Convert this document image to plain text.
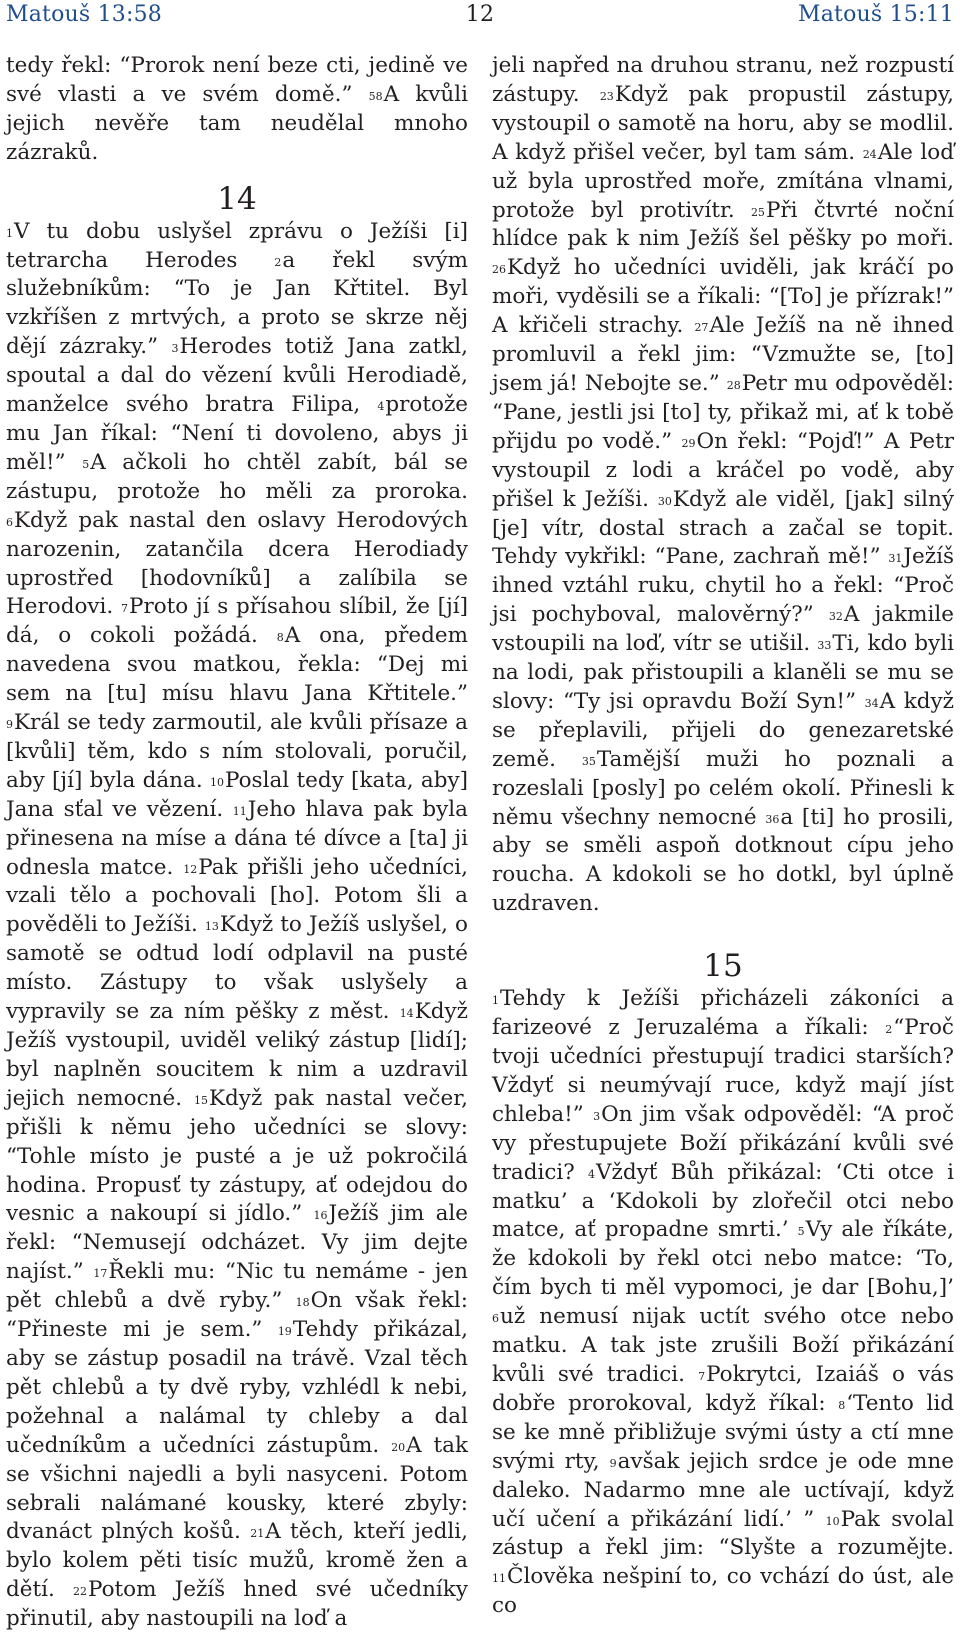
Matouš 13:58	12	Matouš 15:11

tedy řekl: “Prorok není beze cti, jedině ve své vlasti a ve svém domě.” $^{58}$A kvůli jejich nevěře tam neudělal mnoho zázraků.

14

$^1$V tu dobu uslyšel zprávu o Ježíši [i] tetrarcha Herodes	$^2$a řekl svým služebníkům: “To je Jan Křtitel. Byl vzkříšen z mrtvých, a proto se skrze něj dějí zázraky.” $^3$Herodes totiž Jana zatkl, spoutal a dal do vězení kvůli Herodiadě, manželce svého bratra Filipa, $^4$protože mu Jan říkal: “Není ti dovoleno, abys ji měl!” $^5$A ačkoli ho chtěl zabít, bál se zástupu, protože ho měli za proroka. $^6$Když pak nastal den oslavy Herodových narozenin, zatančila dcera Herodiady uprostřed [hodovníků] a zalíbila se Herodovi. $^7$Proto jí s přísahou slíbil, že [jí] dá, o cokoli požádá. $^8$A ona, předem navedena svou matkou, řekla: “Dej mi sem na [tu] mísu hlavu Jana Křtitele.” $^9$Král se tedy zarmoutil, ale kvůli přísaze a [kvůli] těm, kdo s ním stolovali, poručil, aby [jí] byla dána. $^{10}$Poslal tedy [kata, aby] Jana sťal ve vězení. $^{11}$Jeho hlava pak byla přinesena na míse a dána té dívce a [ta] ji odnesla matce. $^{12}$Pak přišli jeho učedníci, vzali tělo a pochovali [ho]. Potom šli a pověděli to Ježíši. $^{13}$Když to Ježíš uslyšel, o samotě se odtud lodí odplavil na pusté místo. Zástupy to však uslyšely a vypravily se za ním pěšky z měst. $^{14}$Když Ježíš vystoupil, uviděl veliký zástup [lidí]; byl naplněn soucitem k nim a uzdravil jejich nemocné. $^{15}$Když pak nastal večer, přišli k němu jeho učedníci se slovy: “Tohle místo je pusté a je už pokročilá hodina. Propusť ty zástupy, ať odejdou do vesnic a nakoupí si jídlo.” $^{16}$Ježíš jim ale řekl: “Nemusejí odcházet. Vy jim dejte najíst.” $^{17}$Řekli mu: “Nic tu nemáme - jen pět chlebů a dvě ryby.” $^{18}$On však řekl: “Přineste mi je sem.” $^{19}$Tehdy přikázal, aby se zástup posadil na trávě. Vzal těch pět chlebů a ty dvě ryby, vzhlédl k nebi, požehnal a nalámal ty chleby a dal učedníkům a učedníci zástupům. $^{20}$A tak se všichni najedli a byli nasyceni. Potom sebrali nalámané kousky, které zbyly: dvanáct plných košů. $^{21}$A těch, kteří jedli, bylo kolem pěti tisíc mužů, kromě žen a dětí. $^{22}$Potom Ježíš hned své učedníky přinutil, aby nastoupili na loď a

jeli napřed na druhou stranu, než rozpustí zástupy. $^{23}$Když pak propustil zástupy, vystoupil o samotě na horu, aby se modlil. A když přišel večer, byl tam sám. $^{24}$Ale loď už byla uprostřed moře, zmítána vlnami, protože byl protivítr. $^{25}$Při čtvrté noční hlídce pak k nim Ježíš šel pěšky po moři. $^{26}$Když ho učedníci uviděli, jak kráčí po moři, vyděsili se a říkali: “[To] je přízrak!” A křičeli strachy. $^{27}$Ale Ježíš na ně ihned promluvil a řekl jim: “Vzmužte se, [to] jsem já! Nebojte se.” $^{28}$Petr mu odpověděl: “Pane, jestli jsi [to] ty, přikaž mi, ať k tobě přijdu po vodě.” $^{29}$On řekl: “Pojď!” A Petr vystoupil z lodi a kráčel po vodě, aby přišel k Ježíši. $^{30}$Když ale viděl, [jak] silný [je] vítr, dostal strach a začal se topit. Tehdy vykřikl: “Pane, zachraň mě!” $^{31}$Ježíš ihned vztáhl ruku, chytil ho a řekl: “Proč jsi pochyboval, malověrný?” $^{32}$A jakmile vstoupili na loď, vítr se utišil. $^{33}$Ti, kdo byli na lodi, pak přistoupili a klaněli se mu se slovy: “Ty jsi opravdu Boží Syn!” $^{34}$A když se přeplavili, přijeli do genezaretské země. $^{35}$Tamější muži ho poznali a rozeslali [posly] po celém okolí. Přinesli k němu všechny nemocné $^{36}$a [ti] ho prosili, aby se směli aspoň dotknout cípu jeho roucha. A kdokoli se ho dotkl, byl úplně uzdraven.

15

$^1$Tehdy k Ježíši přicházeli zákoníci a farizeové z Jeruzaléma a říkali: $^2$“Proč tvoji učedníci přestupují tradici starších? Vždyť si neumývají ruce, když mají jíst chleba!” $^3$On jim však odpověděl: “A proč vy přestupujete Boží přikázání kvůli své tradici? $^4$Vždyť Bůh přikázal: ‘Cti otce i matku’ a ‘Kdokoli by zlořečil otci nebo matce, ať propadne smrti.’ $^5$Vy ale říkáte, že kdokoli by řekl otci nebo matce: ‘To, čím bych ti měl vypomoci, je dar [Bohu,]’ $^6$už nemusí nijak uctít svého otce nebo matku. A tak jste zrušili Boží přikázání kvůli své tradici. $^7$Pokrytci, Izaiáš o vás dobře prorokoval, když říkal: $^8$‘Tento lid se ke mně přibližuje svými ústy a ctí mne svými rty, $^9$avšak jejich srdce je ode mne daleko. Nadarmo mne ale uctívají, když učí učení a přikázání lidí.’ ” $^{10}$Pak svolal zástup a řekl jim: “Slyšte a rozumějte. $^{11}$Člověka nešpiní to, co vchází do úst, ale co
